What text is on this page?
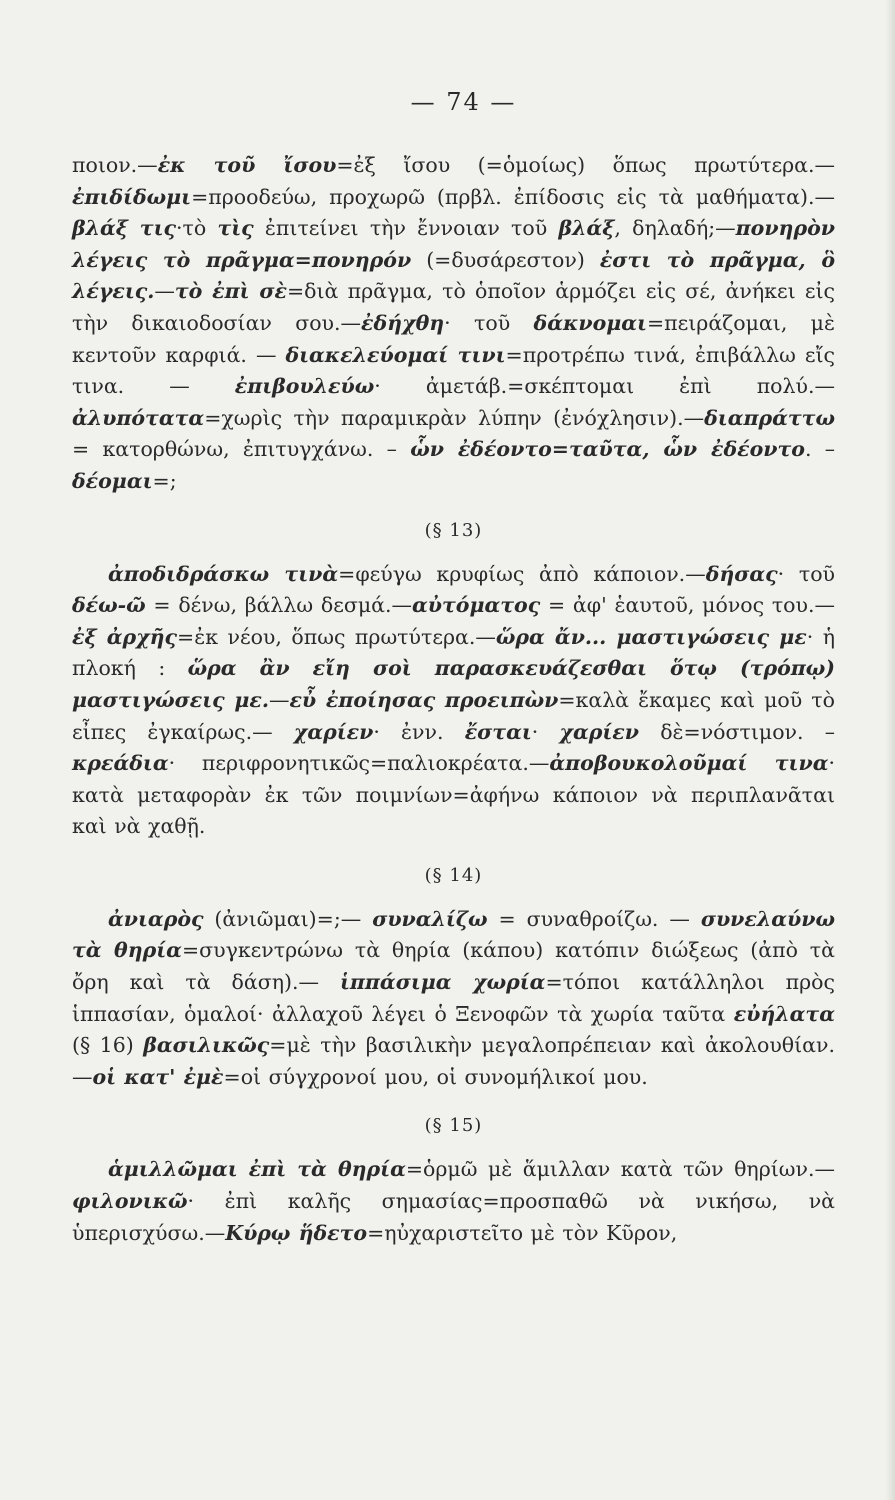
— 74 —

ποιον.—ἐκ τοῦ ἴσου=ἐξ ἴσου (=ὁμοίως) ὅπως πρωτύτερα.—ἐπιδίδωμι=προοδεύω, προχωρῶ (πρβλ. ἐπίδοσις εἰς τὰ μαθήματα).—βλάξ τις·τὸ τὶς ἐπιτείνει τὴν ἔννοιαν τοῦ βλάξ, δηλαδή;—πονηρὸν λέγεις τὸ πρᾶγμα=πονηρόν (=δυσάρεστον) ἐστι τὸ πρᾶγμα, ὃ λέγεις.—τὸ ἐπὶ σὲ=διὰ πρᾶγμα, τὸ ὁποῖον ἁρμόζει εἰς σέ, ἀνήκει εἰς τὴν δικαιοδοσίαν σου.—ἐδήχθη· τοῦ δάκνομαι=πειράζομαι, μὲ κεντοῦν καρφιά. — διακελεύομαί τινι=προτρέπω τινά, ἐπιβάλλω εἴς τινα. — ἐπιβουλεύω· ἀμετάβ.=σκέπτομαι ἐπὶ πολύ.—ἀλυπότατα=χωρὶς τὴν παραμικρὰν λύπην (ἐνόχλησιν).—διαπράττω = κατορθώνω, ἐπιτυγχάνω. – ὧν ἐδέοντο=ταῦτα, ὧν ἐδέοντο. – δέομαι=;

(§ 13)

ἀποδιδράσκω τινὰ=φεύγω κρυφίως ἀπὸ κάποιον.—δήσας· τοῦ δέω-ῶ = δένω, βάλλω δεσμά.—αὐτόματος = ἀφ' ἑαυτοῦ, μόνος του.—ἐξ ἀρχῆς=ἐκ νέου, ὅπως πρωτύτερα.—ὥρα ἄν... μαστιγώσεις με· ἡ πλοκή : ὥρα ἂν εἴη σοὶ παρασκευάζεσθαι ὅτῳ (τρόπῳ) μαστιγώσεις με.—εὖ ἐποίησας προειπὼν=καλὰ ἔκαμες καὶ μοῦ τὸ εἶπες ἐγκαίρως.— χαρίεν· ἐνν. ἔσται· χαρίεν δὲ=νόστιμον. – κρεάδια· περιφρονητικῶς=παλιοκρέατα.—ἀποβουκολοῦμαί τινα· κατὰ μεταφορὰν ἐκ τῶν ποιμνίων=ἀφήνω κάποιον νὰ περιπλανᾶται καὶ νὰ χαθῇ.

(§ 14)

ἀνιαρὸς (ἀνιῶμαι)=;— συναλίζω = συναθροίζω. — συνελαύνω τὰ θηρία=συγκεντρώνω τὰ θηρία (κάπου) κατόπιν διώξεως (ἀπὸ τὰ ὄρη καὶ τὰ δάση).— ἱππάσιμα χωρία=τόποι κατάλληλοι πρὸς ἱππασίαν, ὁμαλοί· ἀλλαχοῦ λέγει ὁ Ξενοφῶν τὰ χωρία ταῦτα εὐήλατα (§ 16) βασιλικῶς=μὲ τὴν βασιλικὴν μεγαλοπρέπειαν καὶ ἀκολουθίαν.—οἱ κατ' ἐμὲ=οἱ σύγχρονοί μου, οἱ συνομήλικοί μου.

(§ 15)

ἁμιλλῶμαι ἐπὶ τὰ θηρία=ὁρμῶ μὲ ἅμιλλαν κατὰ τῶν θηρίων.—φιλονικῶ· ἐπὶ καλῆς σημασίας=προσπαθῶ νὰ νικήσω, νὰ ὑπερισχύσω.—Κύρῳ ἥδετο=ηὐχαριστεῖτο μὲ τὸν Κῦρον,
